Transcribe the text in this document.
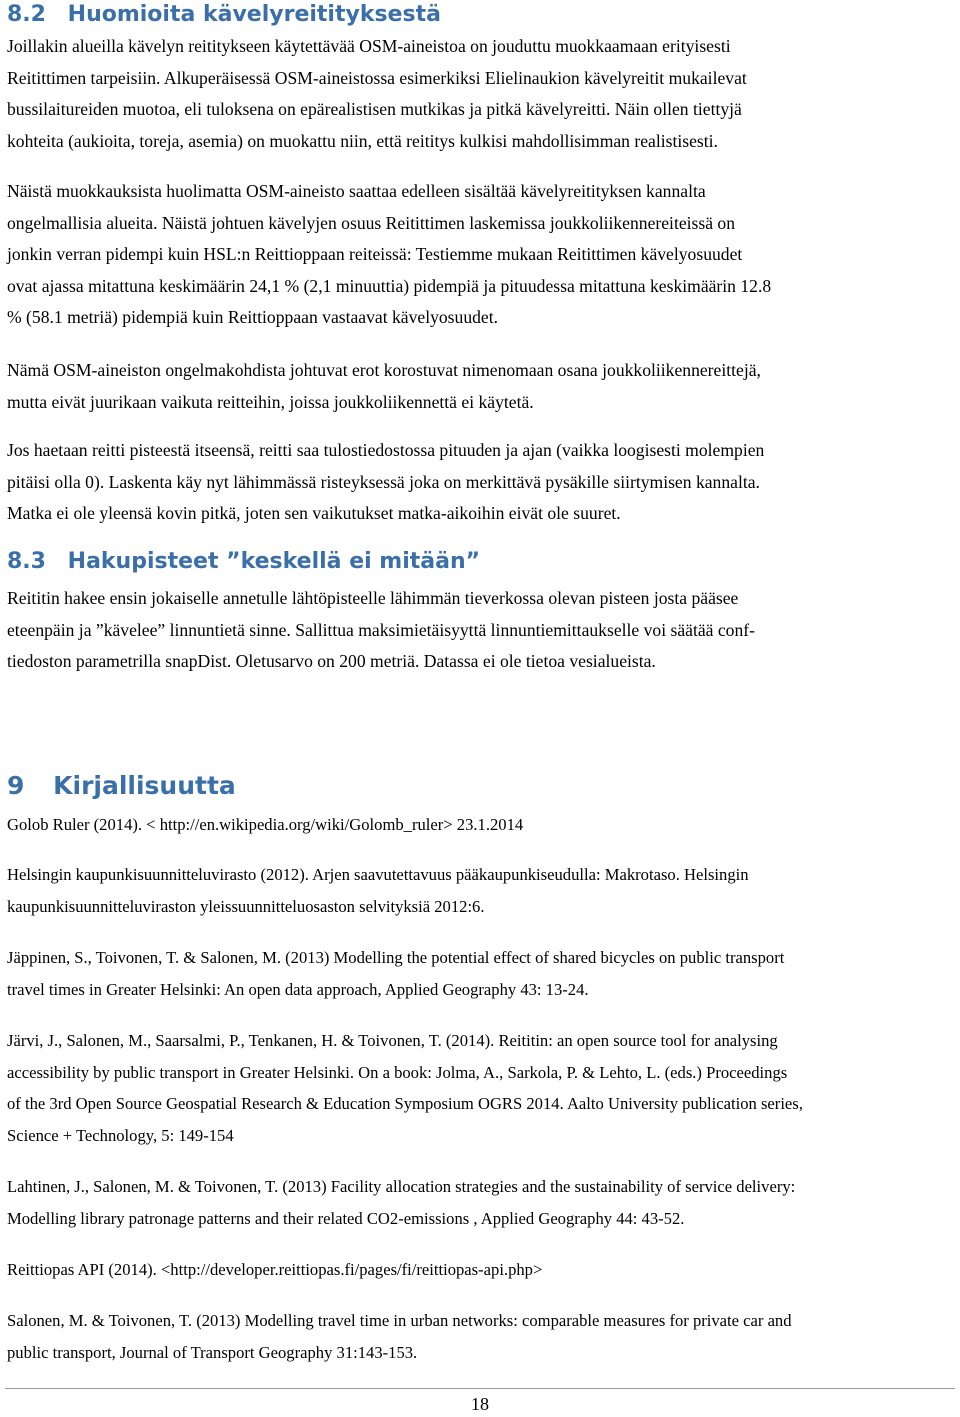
8.2 Huomioita kävelyreitityksestä
Joillakin alueilla kävelyn reititykseen käytettävää OSM-aineistoa on jouduttu muokkaamaan erityisesti
Reitittimen tarpeisiin. Alkuperäisessä OSM-aineistossa esimerkiksi Elielinaukion kävelyreitit mukailevat
bussilaitureiden muotoa, eli tuloksena on epärealistisen mutkikas ja pitkä kävelyreitti. Näin ollen tiettyjä
kohteita (aukioita, toreja, asemia) on muokattu niin, että reititys kulkisi mahdollisimman realistisesti.
Näistä muokkauksista huolimatta OSM-aineisto saattaa edelleen sisältää kävelyreitityksen kannalta
ongelmallisia alueita. Näistä johtuen kävelyjen osuus Reitittimen laskemissa joukkoliikennereiteissä on
jonkin verran pidempi kuin HSL:n Reittioppaan reiteissä: Testiemme mukaan Reitittimen kävelyosuudet
ovat ajassa mitattuna keskimäärin 24,1 % (2,1 minuuttia) pidempiä ja pituudessa mitattuna keskimäärin 12.8
% (58.1 metriä) pidempiä kuin Reittioppaan vastaavat kävelyosuudet.
Nämä OSM-aineiston ongelmakohdista johtuvat erot korostuvat nimenomaan osana joukkoliikennereittejä,
mutta eivät juurikaan vaikuta reitteihin, joissa joukkoliikennettä ei käytetä.
Jos haetaan reitti pisteestä itseensä, reitti saa tulostiedostossa pituuden ja ajan (vaikka loogisesti molempien
pitäisi olla 0). Laskenta käy nyt lähimmässä risteyksessä joka on merkittävä pysäkille siirtymisen kannalta.
Matka ei ole yleensä kovin pitkä, joten sen vaikutukset matka-aikoihin eivät ole suuret.
8.3 Hakupisteet ”keskellä ei mitään”
Reititin hakee ensin jokaiselle annetulle lähtöpisteelle lähimmän tieverkossa olevan pisteen josta pääsee
eteenpäin ja ”kävelee” linnuntietä sinne. Sallittua maksimietäisyyttä linnuntiemittaukselle voi säätää conf-
tiedoston parametrilla snapDist. Oletusarvo on 200 metriä. Datassa ei ole tietoa vesialueista.
9 Kirjallisuutta
Golob Ruler (2014). < http://en.wikipedia.org/wiki/Golomb_ruler> 23.1.2014
Helsingin kaupunkisuunnitteluvirasto (2012). Arjen saavutettavuus pääkaupunkiseudulla: Makrotaso. Helsingin
kaupunkisuunnitteluviraston yleissuunnitteluosaston selvityksiä 2012:6.
Jäppinen, S., Toivonen, T. & Salonen, M. (2013) Modelling the potential effect of shared bicycles on public transport
travel times in Greater Helsinki: An open data approach, Applied Geography 43: 13-24.
Järvi, J., Salonen, M., Saarsalmi, P., Tenkanen, H. & Toivonen, T. (2014). Reititin: an open source tool for analysing
accessibility by public transport in Greater Helsinki. On a book: Jolma, A., Sarkola, P. & Lehto, L. (eds.) Proceedings
of the 3rd Open Source Geospatial Research & Education Symposium OGRS 2014. Aalto University publication series,
Science + Technology, 5: 149-154
Lahtinen, J., Salonen, M. & Toivonen, T. (2013) Facility allocation strategies and the sustainability of service delivery:
Modelling library patronage patterns and their related CO2-emissions , Applied Geography 44: 43-52.
Reittiopas API (2014). <http://developer.reittiopas.fi/pages/fi/reittiopas-api.php>
Salonen, M. & Toivonen, T. (2013) Modelling travel time in urban networks: comparable measures for private car and
public transport, Journal of Transport Geography 31:143-153.
18
